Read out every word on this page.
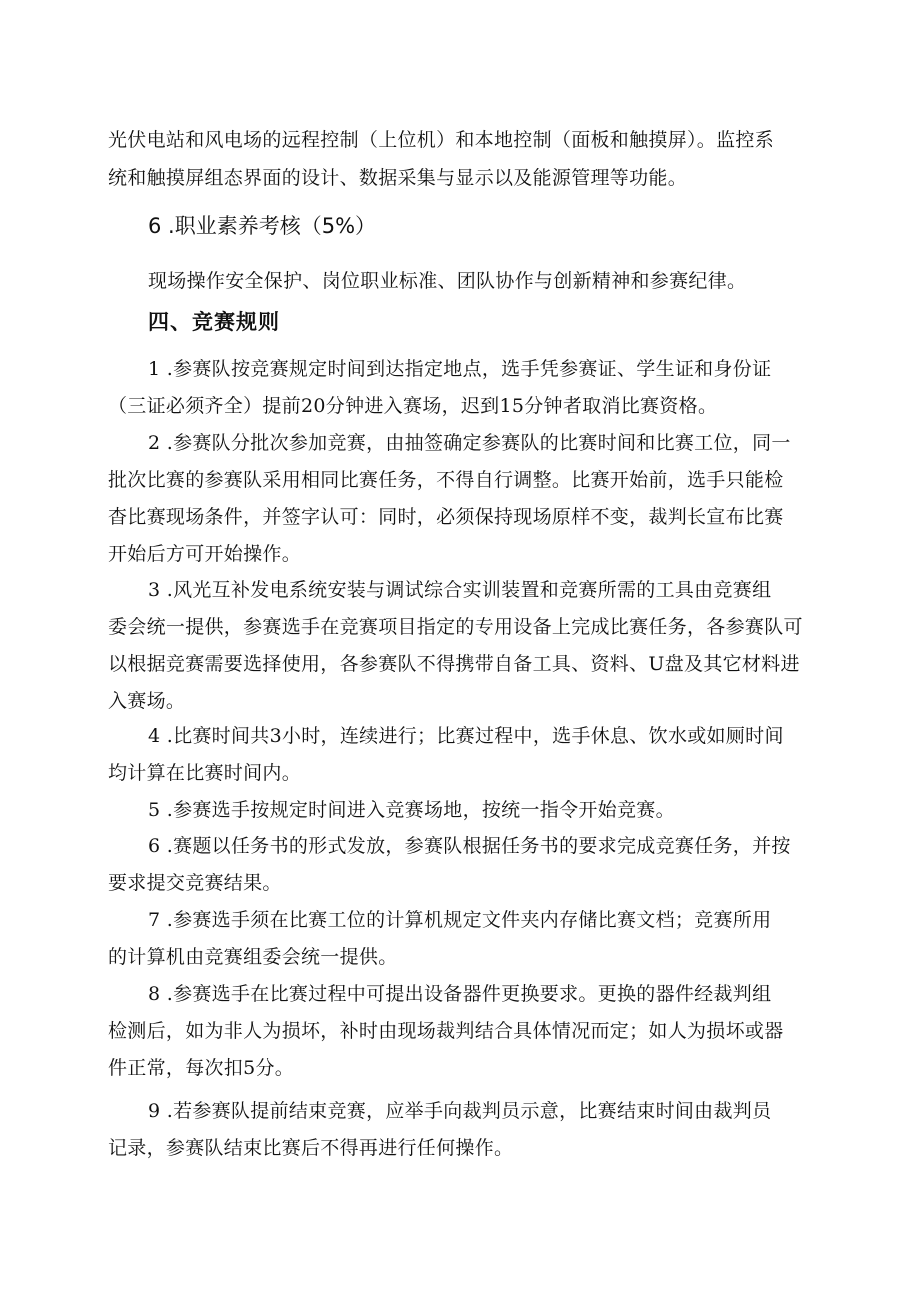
光伏电站和风电场的远程控制（上位机）和本地控制（面板和触摸屏）。监控系
统和触摸屏组态界面的设计、数据采集与显示以及能源管理等功能。
6 .职业素养考核（5%）
现场操作安全保护、岗位职业标准、团队协作与创新精神和参赛纪律。
四、竞赛规则
1 .参赛队按竞赛规定时间到达指定地点，选手凭参赛证、学生证和身份证
（三证必须齐全）提前20分钟进入赛场，迟到15分钟者取消比赛资格。
2 .参赛队分批次参加竞赛，由抽签确定参赛队的比赛时间和比赛工位，同一
批次比赛的参赛队采用相同比赛任务，不得自行调整。比赛开始前，选手只能检
杳比赛现场条件，并签字认可：同时，必须保持现场原样不变，裁判长宣布比赛
开始后方可开始操作。
3 .风光互补发电系统安装与调试综合实训装置和竞赛所需的工具由竞赛组
委会统一提供，参赛选手在竞赛项目指定的专用设备上完成比赛任务，各参赛队可
以根据竞赛需要选择使用，各参赛队不得携带自备工具、资料、U盘及其它材料进
入赛场。
4 .比赛时间共3小时，连续进行；比赛过程中，选手休息、饮水或如厕时间
均计算在比赛时间内。
5 .参赛选手按规定时间进入竞赛场地，按统一指令开始竞赛。
6 .赛题以任务书的形式发放，参赛队根据任务书的要求完成竞赛任务，并按
要求提交竞赛结果。
7 .参赛选手须在比赛工位的计算机规定文件夹内存储比赛文档；竞赛所用
的计算机由竞赛组委会统一提供。
8 .参赛选手在比赛过程中可提出设备器件更换要求。更换的器件经裁判组
检测后，如为非人为损坏，补时由现场裁判结合具体情况而定；如人为损坏或器
件正常，每次扣5分。
9 .若参赛队提前结束竞赛，应举手向裁判员示意，比赛结束时间由裁判员
记录，参赛队结束比赛后不得再进行任何操作。
